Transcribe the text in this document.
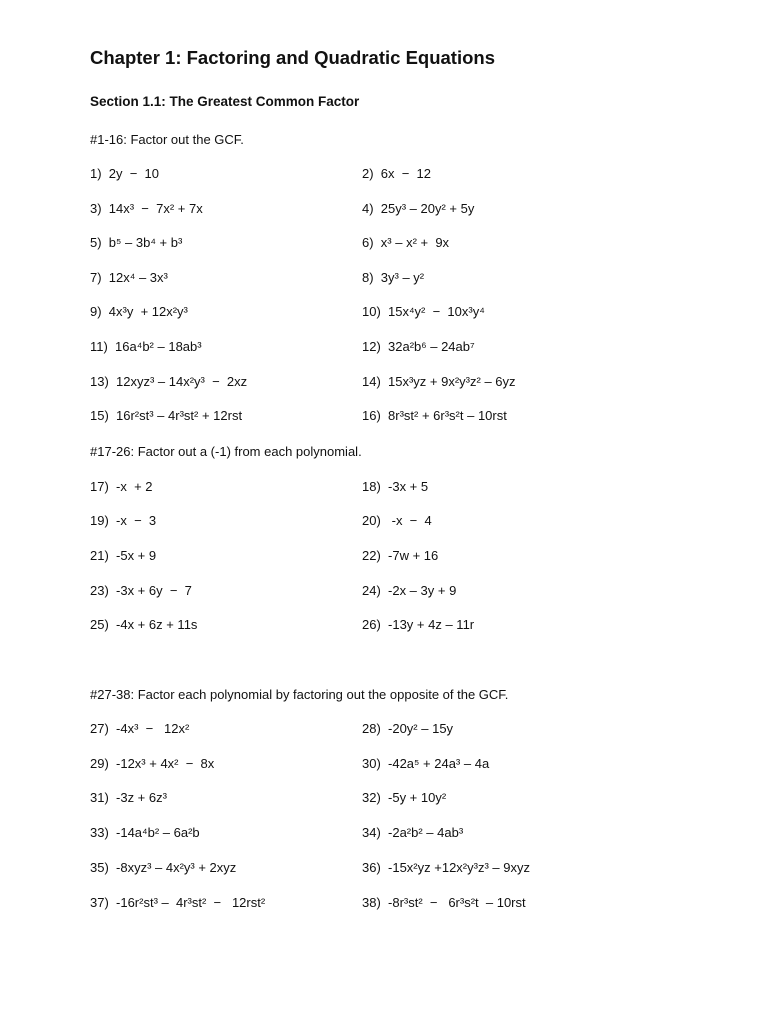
Chapter 1: Factoring and Quadratic Equations
Section 1.1: The Greatest Common Factor

#1-16: Factor out the GCF.

1)  2y  −  10	2)  6x  −  12
3)  14x³  −  7x² + 7x	4)  25y³ – 20y² + 5y
5)  b⁵ – 3b⁴ + b³	6)  x³ – x² +  9x
7)  12x⁴ – 3x³	8)  3y³ – y²
9)  4x³y  + 12x²y³	10)  15x⁴y²  −  10x³y⁴
11)  16a⁴b² – 18ab³	12)  32a²b⁶ – 24ab⁷
13)  12xyz³ – 14x²y³  −  2xz	14)  15x³yz + 9x²y³z² – 6yz
15)  16r²st³ – 4r³st² + 12rst	16)  8r³st² + 6r³s²t – 10rst

#17-26: Factor out a (-1) from each polynomial.

17)  -x  + 2	18)  -3x + 5
19)  -x  −  3	20)   -x  −  4
21)  -5x + 9	22)  -7w + 16
23)  -3x + 6y  −  7	24)  -2x – 3y + 9
25)  -4x + 6z + 11s	26)  -13y + 4z – 11r

#27-38: Factor each polynomial by factoring out the opposite of the GCF.

27)  -4x³  −   12x²	28)  -20y² – 15y
29)  -12x³ + 4x²  −  8x	30)  -42a⁵ + 24a³ – 4a
31)  -3z + 6z³	32)  -5y + 10y²
33)  -14a⁴b² – 6a²b	34)  -2a²b² – 4ab³
35)  -8xyz³ – 4x²y³ + 2xyz	36)  -15x²yz +12x²y³z³ – 9xyz
37)  -16r²st³ –  4r³st²  −   12rst²	38)  -8r³st²  −   6r³s²t  – 10rst
